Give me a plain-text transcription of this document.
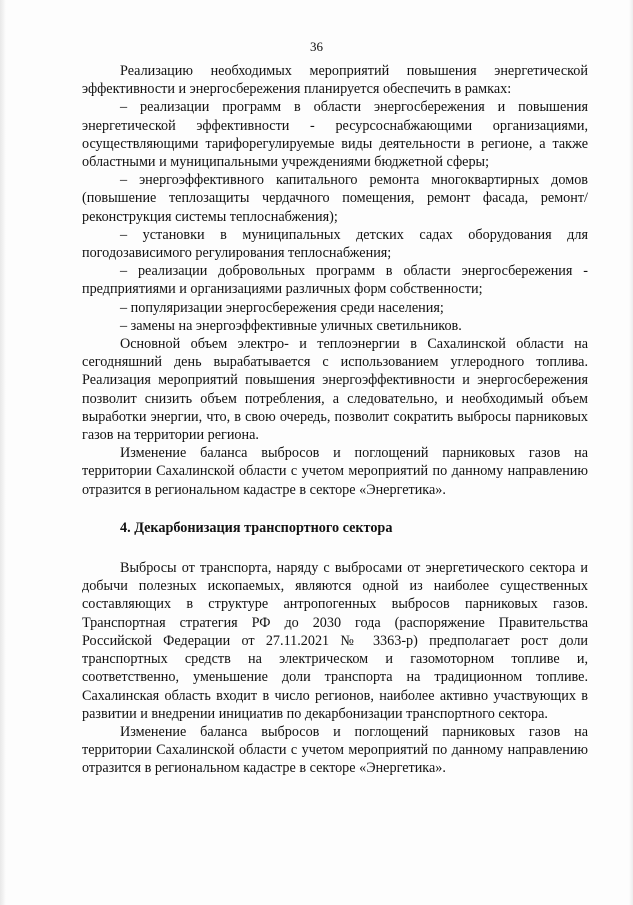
36

Реализацию необходимых мероприятий повышения энергетической эффективности и энергосбережения планируется обеспечить в рамках:

– реализации программ в области энергосбережения и повышения энергетической эффективности - ресурсоснабжающими организациями, осуществляющими тарифорегулируемые виды деятельности в регионе, а также областными и муниципальными учреждениями бюджетной сферы;

– энергоэффективного капитального ремонта многоквартирных домов (повышение теплозащиты чердачного помещения, ремонт фасада, ремонт/реконструкция системы теплоснабжения);

– установки в муниципальных детских садах оборудования для погодозависимого регулирования теплоснабжения;

– реализации добровольных программ в области энергосбережения - предприятиями и организациями различных форм собственности;

– популяризации энергосбережения среди населения;

– замены на энергоэффективные уличных светильников.

Основной объем электро- и теплоэнергии в Сахалинской области на сегодняшний день вырабатывается с использованием углеродного топлива. Реализация мероприятий повышения энергоэффективности и энергосбережения позволит снизить объем потребления, а следовательно, и необходимый объем выработки энергии, что, в свою очередь, позволит сократить выбросы парниковых газов на территории региона.

Изменение баланса выбросов и поглощений парниковых газов на территории Сахалинской области с учетом мероприятий по данному направлению отразится в региональном кадастре в секторе «Энергетика».

4. Декарбонизация транспортного сектора

Выбросы от транспорта, наряду с выбросами от энергетического сектора и добычи полезных ископаемых, являются одной из наиболее существенных составляющих в структуре антропогенных выбросов парниковых газов. Транспортная стратегия РФ до 2030 года (распоряжение Правительства Российской Федерации от 27.11.2021 № 3363-р) предполагает рост доли транспортных средств на электрическом и газомоторном топливе и, соответственно, уменьшение доли транспорта на традиционном топливе. Сахалинская область входит в число регионов, наиболее активно участвующих в развитии и внедрении инициатив по декарбонизации транспортного сектора.

Изменение баланса выбросов и поглощений парниковых газов на территории Сахалинской области с учетом мероприятий по данному направлению отразится в региональном кадастре в секторе «Энергетика».
